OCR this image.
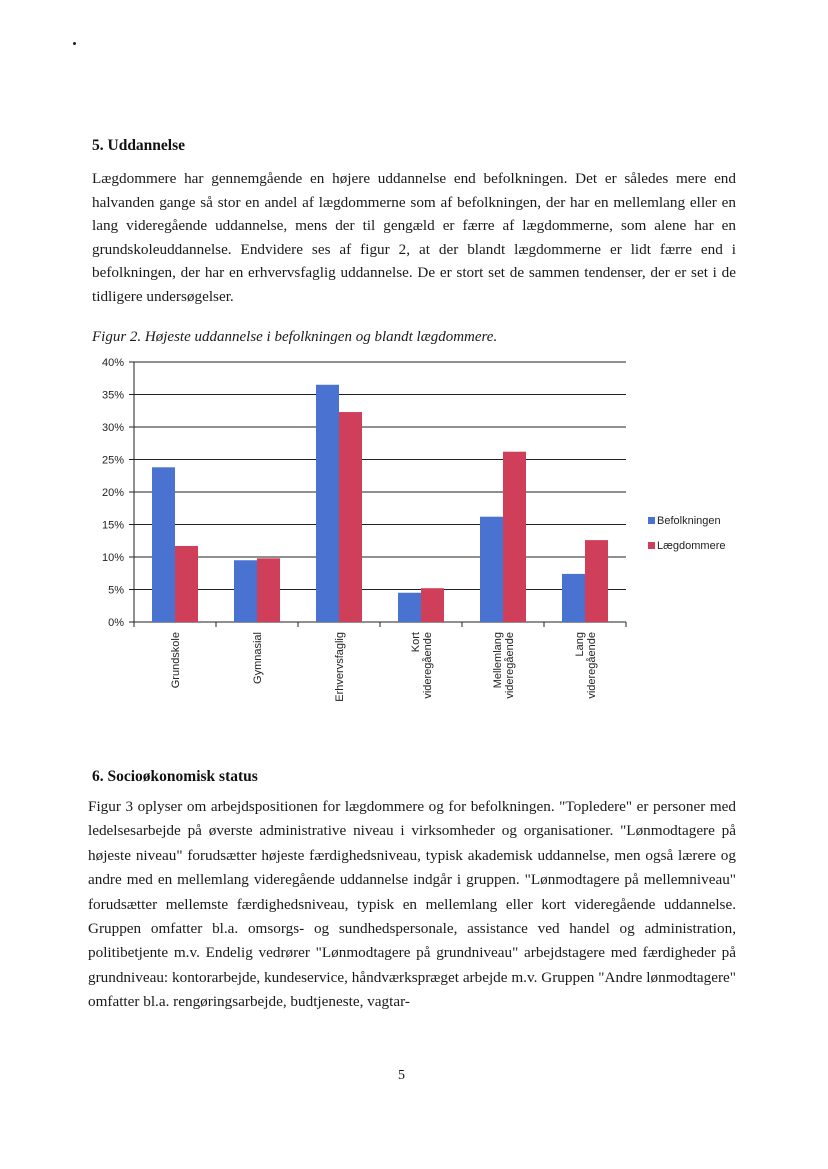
5. Uddannelse

Lægdommere har gennemgående en højere uddannelse end befolkningen. Det er således mere end halvanden gange så stor en andel af lægdommerne som af befolkningen, der har en mellemlang eller en lang videregående uddannelse, mens der til gengæld er færre af lægdommerne, som alene har en grundskoleuddannelse. Endvidere ses af figur 2, at der blandt lægdommerne er lidt færre end i befolkningen, der har en erhvervsfaglig uddannelse. De er stort set de sammen tendenser, der er set i de tidligere undersøgelser.

Figur 2. Højeste uddannelse i befolkningen og blandt lægdommere.

0%
5%
10%
15%
20%
25%
30%
35%
40%
Grundskole	Gymnasial	Erhvervsfaglig	Kort videregående	Mellemlang videregående	Lang videregående
Befolkningen
Lægdommere
6. Socioøkonomisk status

Figur 3 oplyser om arbejdspositionen for lægdommere og for befolkningen. "Topledere" er personer med ledelsesarbejde på øverste administrative niveau i virksomheder og organisationer. "Lønmodtagere på højeste niveau" forudsætter højeste færdighedsniveau, typisk akademisk uddannelse, men også lærere og andre med en mellemlang videregående uddannelse indgår i gruppen. "Lønmodtagere på mellemniveau" forudsætter mellemste færdighedsniveau, typisk en mellemlang eller kort videregående uddannelse. Gruppen omfatter bl.a. omsorgs- og sundhedspersonale, assistance ved handel og administration, politibetjente m.v. Endelig vedrører "Lønmodtagere på grundniveau" arbejdstagere med færdigheder på grundniveau: kontorarbejde, kundeservice, håndværkspræget arbejde m.v. Gruppen "Andre lønmodtagere" omfatter bl.a. rengøringsarbejde, budtjeneste, vagtar-

5
